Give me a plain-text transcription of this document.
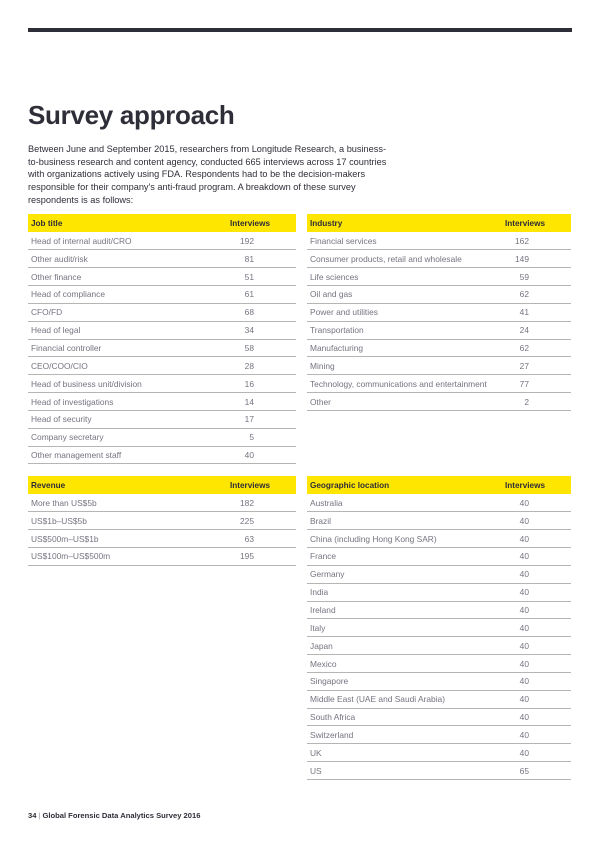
Survey approach

Between June and September 2015, researchers from Longitude Research, a business-to-business research and content agency, conducted 665 interviews across 17 countries with organizations actively using FDA. Respondents had to be the decision-makers responsible for their company's anti-fraud program. A breakdown of these survey respondents is as follows:

Job title	Interviews
Head of internal audit/CRO	192
Other audit/risk	81
Other finance	51
Head of compliance	61
CFO/FD	68
Head of legal	34
Financial controller	58
CEO/COO/CIO	28
Head of business unit/division	16
Head of investigations	14
Head of security	17
Company secretary	5
Other management staff	40
Industry	Interviews
Financial services	162
Consumer products, retail and wholesale	149
Life sciences	59
Oil and gas	62
Power and utilities	41
Transportation	24
Manufacturing	62
Mining	27
Technology, communications and entertainment	77
Other	2
Revenue	Interviews
More than US$5b	182
US$1b–US$5b	225
US$500m–US$1b	63
US$100m–US$500m	195
Geographic location	Interviews
Australia	40
Brazil	40
China (including Hong Kong SAR)	40
France	40
Germany	40
India	40
Ireland	40
Italy	40
Japan	40
Mexico	40
Singapore	40
Middle East (UAE and Saudi Arabia)	40
South Africa	40
Switzerland	40
UK	40
US	65
34 | Global Forensic Data Analytics Survey 2016
